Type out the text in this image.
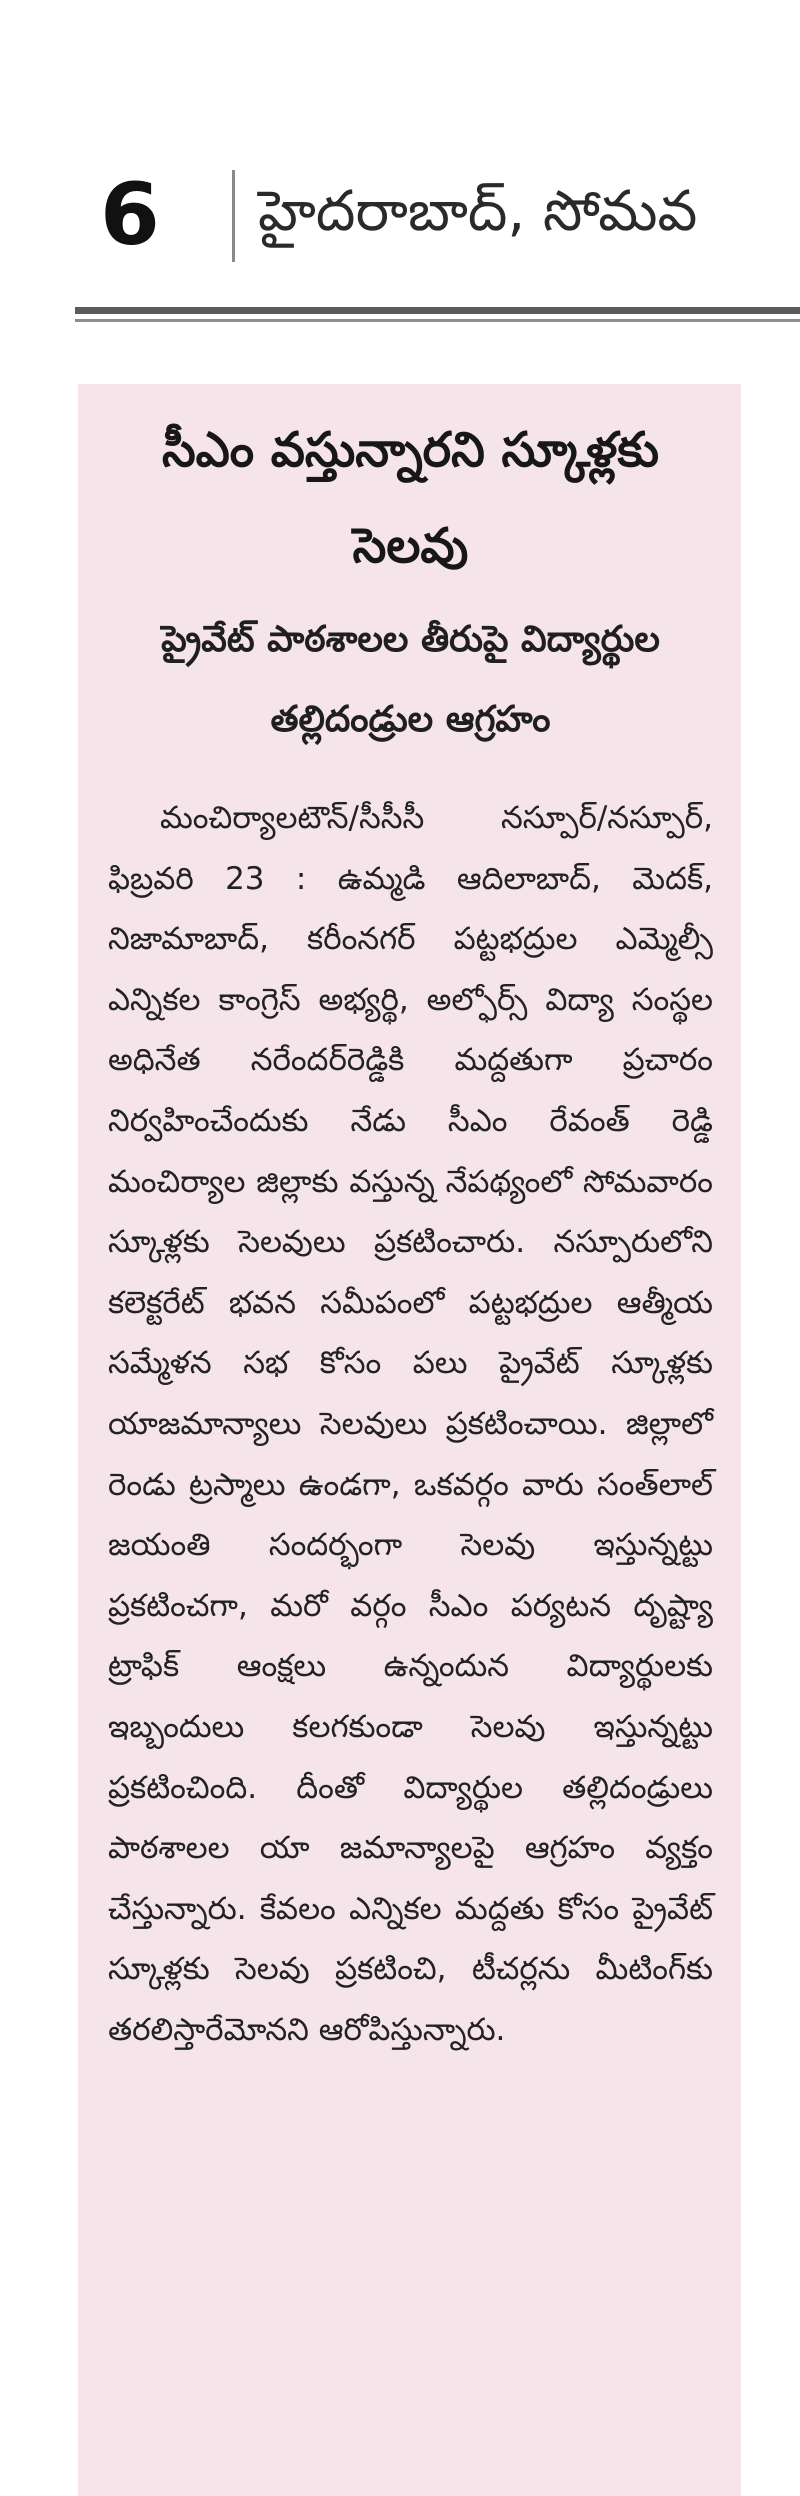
6 హైదరాబాద్, సోమవ
సీఎం వస్తున్నారని స్కూళ్లకు సెలవు
ప్రైవేట్ పాఠశాలల తీరుపై విద్యార్థుల తల్లిదండ్రుల ఆగ్రహం

మంచిర్యాలటౌన్/సీసీసీ నస్పూర్/నస్పూర్, ఫిబ్రవరి 23 : ఉమ్మడి ఆదిలాబాద్, మెదక్, నిజామాబాద్, కరీంనగర్ పట్టభద్రుల ఎమ్మెల్సీ ఎన్నికల కాంగ్రెస్ అభ్యర్థి, అల్ఫోర్స్ విద్యా సంస్థల అధినేత నరేందర్‌రెడ్డికి మద్దతుగా ప్రచారం నిర్వహించేందుకు నేడు సీఎం రేవంత్ రెడ్డి మంచిర్యాల జిల్లాకు వస్తున్న నేపథ్యంలో సోమవారం స్కూళ్లకు సెలవులు ప్రకటించారు. నస్పూరులోని కలెక్టరేట్ భవన సమీపంలో పట్టభద్రుల ఆత్మీయ సమ్మేళన సభ కోసం పలు ప్రైవేట్ స్కూళ్లకు యాజమాన్యాలు సెలవులు ప్రకటించాయి. జిల్లాలో రెండు ట్రస్మాలు ఉండగా, ఒకవర్గం వారు సంత్‌లాల్ జయంతి సందర్భంగా సెలవు ఇస్తున్నట్టు ప్రకటించగా, మరో వర్గం సీఎం పర్యటన దృష్ట్యా ట్రాఫిక్ ఆంక్షలు ఉన్నందున విద్యార్థులకు ఇబ్బందులు కలగకుండా సెలవు ఇస్తున్నట్టు ప్రకటించింది. దీంతో విద్యార్థుల తల్లిదండ్రులు పాఠశాలల యా జమాన్యాలపై ఆగ్రహం వ్యక్తం చేస్తున్నారు. కేవలం ఎన్నికల మద్దతు కోసం ప్రైవేట్ స్కూళ్లకు సెలవు ప్రకటించి, టీచర్లను మీటింగ్‌కు తరలిస్తారేమోనని ఆరోపిస్తున్నారు.
